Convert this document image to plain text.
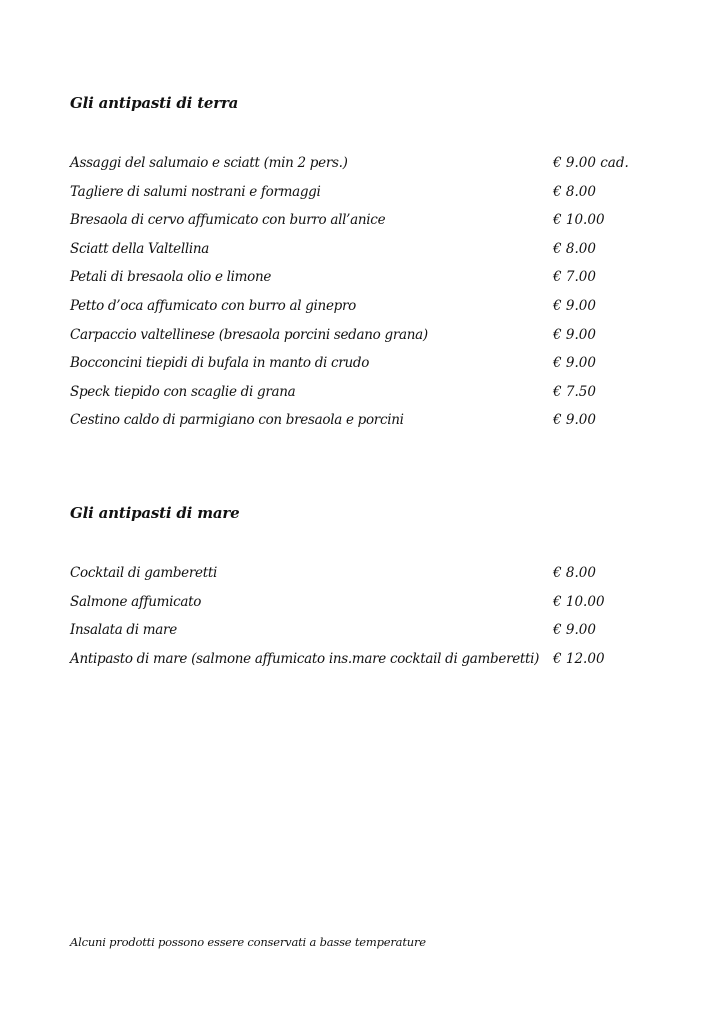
Gli antipasti di terra
Assaggi del salumaio e sciatt (min 2 pers.)	€ 9.00 cad.
Tagliere di salumi nostrani e formaggi	€ 8.00
Bresaola di cervo affumicato con burro all’anice	€ 10.00
Sciatt della Valtellina	€ 8.00
Petali di bresaola olio e limone	€ 7.00
Petto d’oca affumicato con burro al ginepro	€ 9.00
Carpaccio valtellinese (bresaola porcini sedano grana)	€ 9.00
Bocconcini tiepidi di bufala in manto di crudo	€ 9.00
Speck tiepido con scaglie di grana	€ 7.50
Cestino caldo di parmigiano con bresaola e porcini	€ 9.00
Gli antipasti di mare
Cocktail di gamberetti	€ 8.00
Salmone affumicato	€ 10.00
Insalata di mare	€ 9.00
Antipasto di mare (salmone affumicato ins.mare cocktail di gamberetti) € 12.00

Alcuni prodotti possono essere conservati a basse temperature
